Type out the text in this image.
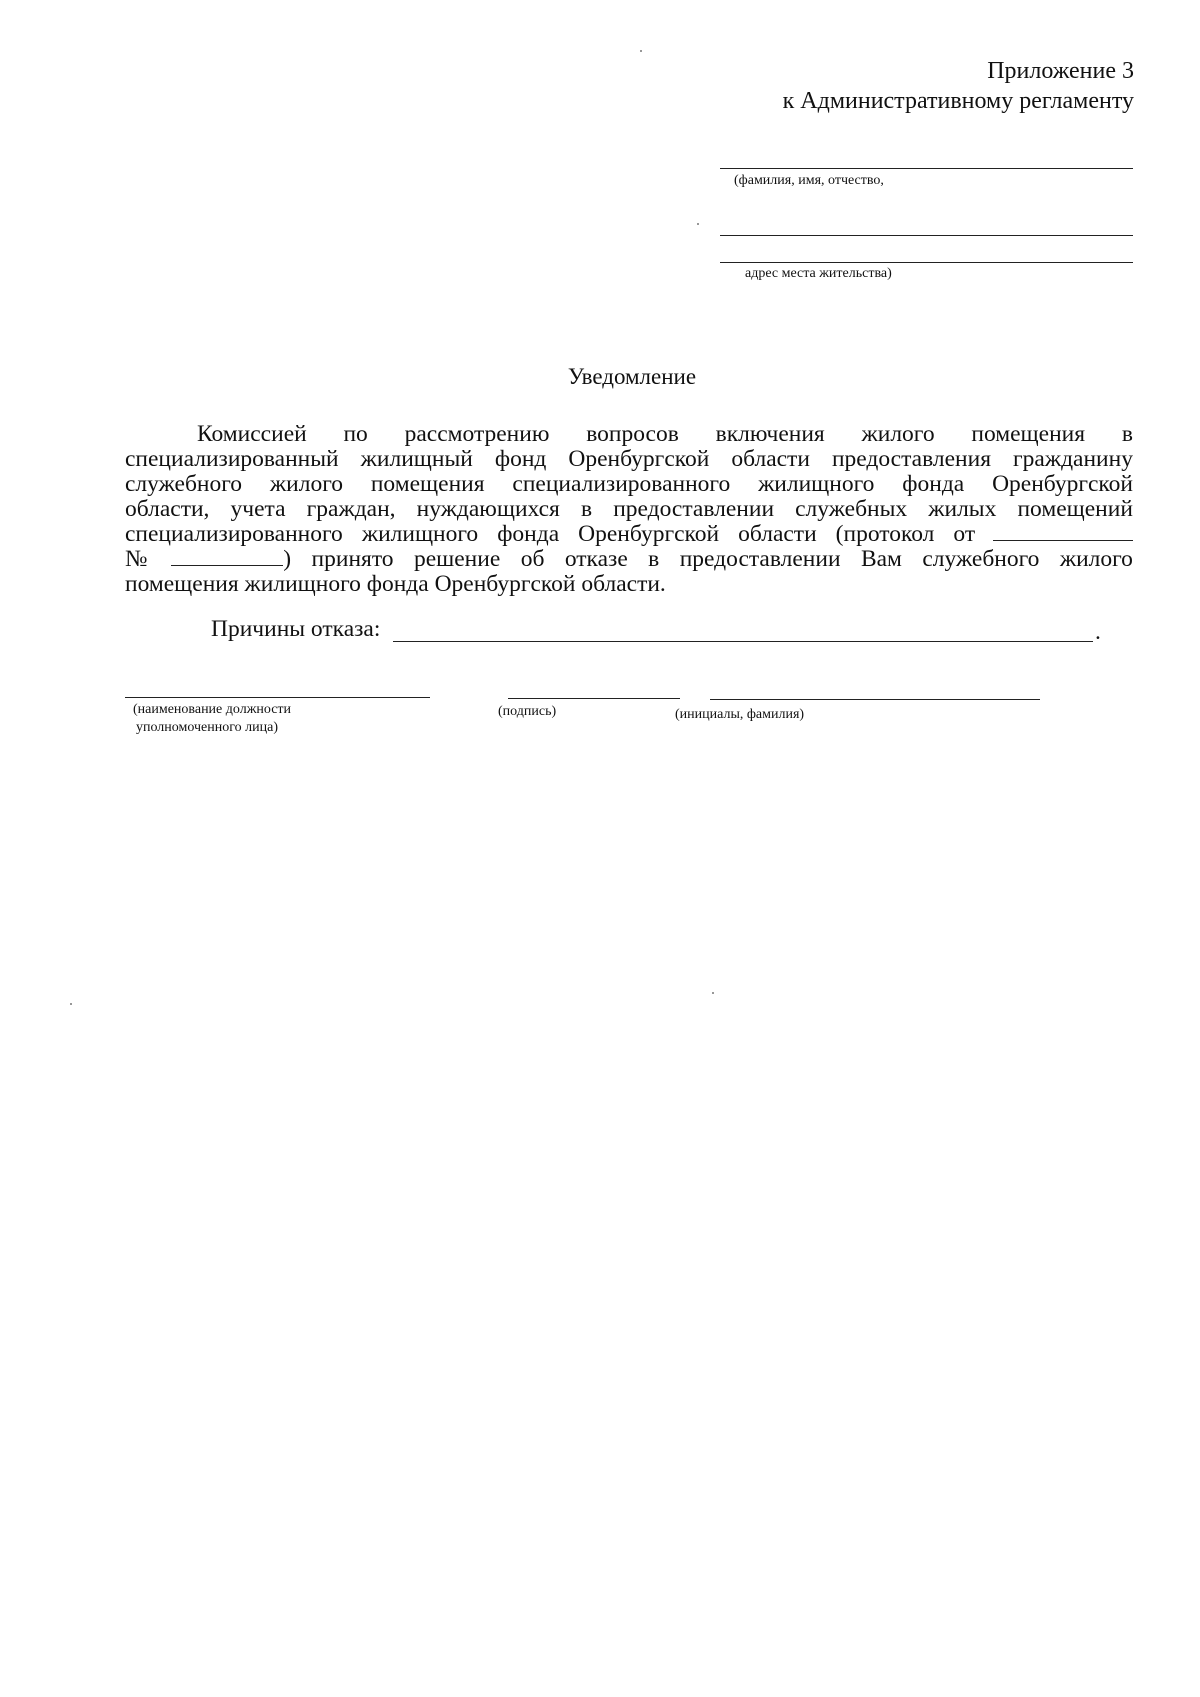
Приложение 3
к Административному регламенту
(фамилия, имя, отчество,
адрес места жительства)
Уведомление
Комиссией по рассмотрению вопросов включения жилого помещения в
специализированный жилищный фонд Оренбургской области предоставления гражданину
служебного жилого помещения специализированного жилищного фонда Оренбургской
области, учета граждан, нуждающихся в предоставлении служебных жилых помещений
специализированного жилищного фонда Оренбургской области (протокол от
№	) принято решение об отказе в предоставлении Вам служебного жилого
помещения жилищного фонда Оренбургской области.
Причины отказа:	.
(наименование должности
уполномоченного лица)
(подпись)	(инициалы, фамилия)
